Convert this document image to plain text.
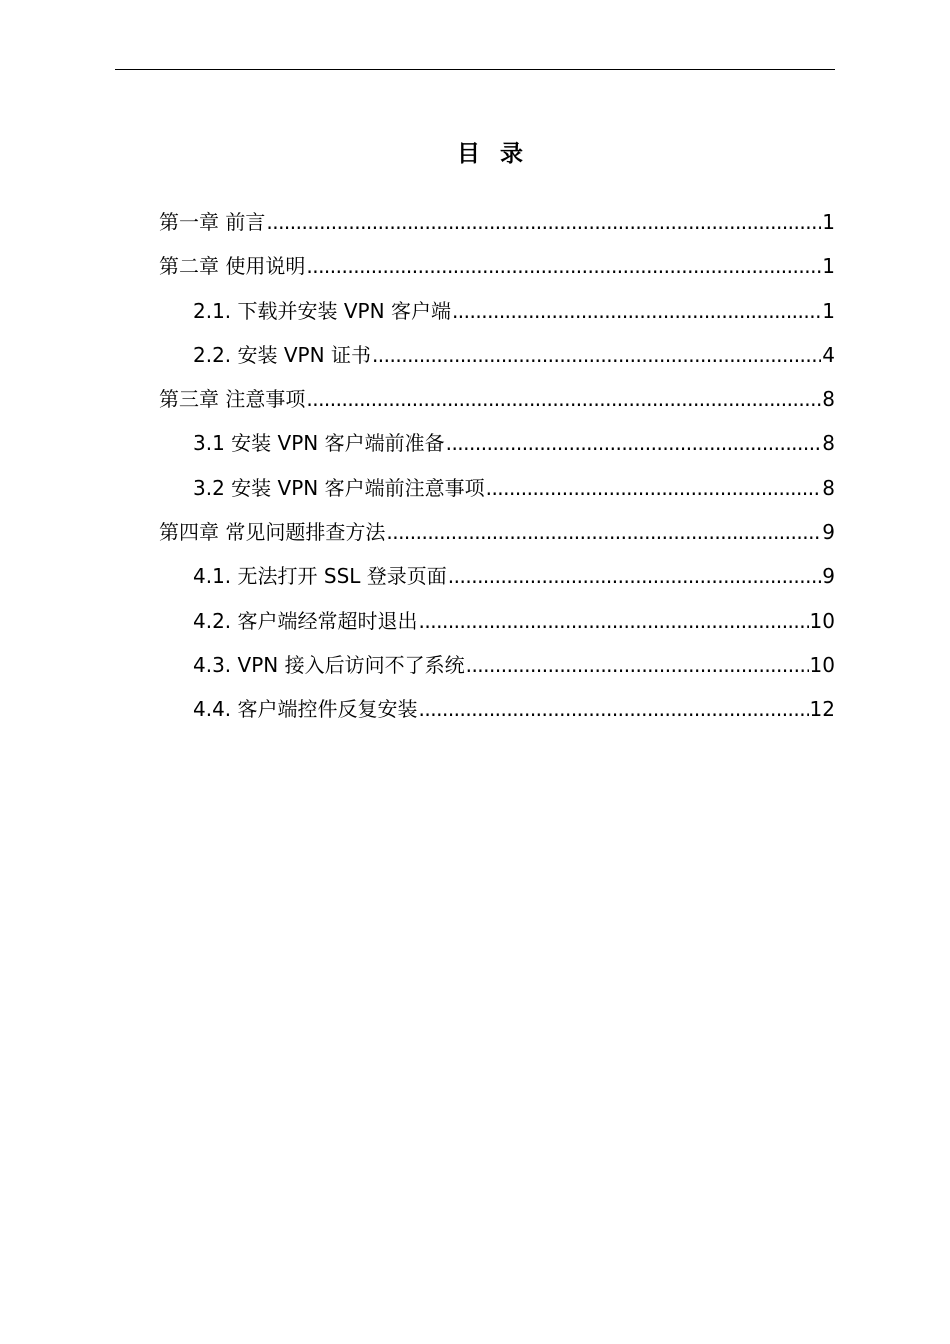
目 录
第一章 前言 .....	1
第二章 使用说明 .....	1
2.1. 下载并安装 VPN 客户端 .....	1
2.2. 安装 VPN 证书 .....	4
第三章 注意事项 .....	8
3.1 安装 VPN 客户端前准备 .....	8
3.2 安装 VPN 客户端前注意事项 .....	8
第四章 常见问题排查方法 .....	9
4.1. 无法打开 SSL 登录页面 .....	9
4.2. 客户端经常超时退出 .....	10
4.3. VPN 接入后访问不了系统 .....	10
4.4. 客户端控件反复安装 .....	12
